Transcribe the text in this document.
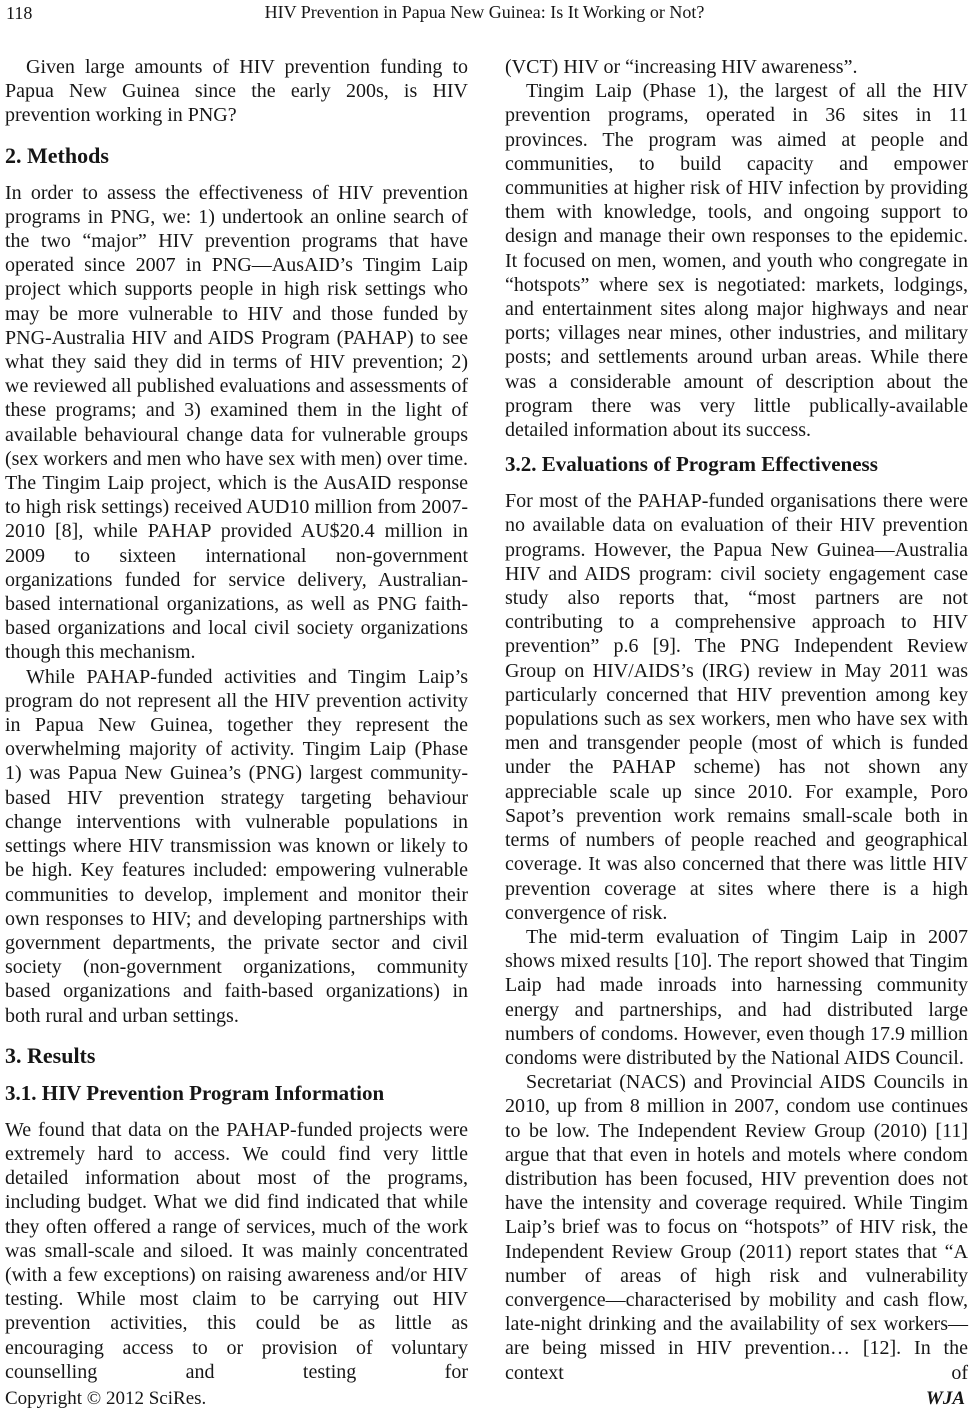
118	HIV Prevention in Papua New Guinea: Is It Working or Not?

Given large amounts of HIV prevention funding to Papua New Guinea since the early 200s, is HIV prevention working in PNG?

2. Methods

In order to assess the effectiveness of HIV prevention programs in PNG, we: 1) undertook an online search of the two “major” HIV prevention programs that have operated since 2007 in PNG—AusAID’s Tingim Laip project which supports people in high risk settings who may be more vulnerable to HIV and those funded by PNG-Australia HIV and AIDS Program (PAHAP) to see what they said they did in terms of HIV prevention; 2) we reviewed all published evaluations and assessments of these programs; and 3) examined them in the light of available behavioural change data for vulnerable groups (sex workers and men who have sex with men) over time. The Tingim Laip project, which is the AusAID response to high risk settings) received AUD10 million from 2007-2010 [8], while PAHAP provided AU$20.4 million in 2009 to sixteen international non-government organizations funded for service delivery, Australian-based international organizations, as well as PNG faith-based organizations and local civil society organizations though this mechanism.

While PAHAP-funded activities and Tingim Laip’s program do not represent all the HIV prevention activity in Papua New Guinea, together they represent the overwhelming majority of activity. Tingim Laip (Phase 1) was Papua New Guinea’s (PNG) largest community-based HIV prevention strategy targeting behaviour change interventions with vulnerable populations in settings where HIV transmission was known or likely to be high. Key features included: empowering vulnerable communities to develop, implement and monitor their own responses to HIV; and developing partnerships with government departments, the private sector and civil society (non-government organizations, community based organizations and faith-based organizations) in both rural and urban settings.

3. Results
3.1. HIV Prevention Program Information

We found that data on the PAHAP-funded projects were extremely hard to access. We could find very little detailed information about most of the programs, including budget. What we did find indicated that while they often offered a range of services, much of the work was small-scale and siloed. It was mainly concentrated (with a few exceptions) on raising awareness and/or HIV testing. While most claim to be carrying out HIV prevention activities, this could be as little as encouraging access to or provision of voluntary counselling and testing for

(VCT) HIV or “increasing HIV awareness”.

Tingim Laip (Phase 1), the largest of all the HIV prevention programs, operated in 36 sites in 11 provinces. The program was aimed at people and communities, to build capacity and empower communities at higher risk of HIV infection by providing them with knowledge, tools, and ongoing support to design and manage their own responses to the epidemic. It focused on men, women, and youth who congregate in “hotspots” where sex is negotiated: markets, lodgings, and entertainment sites along major highways and near ports; villages near mines, other industries, and military posts; and settlements around urban areas. While there was a considerable amount of description about the program there was very little publically-available detailed information about its success.

3.2. Evaluations of Program Effectiveness

For most of the PAHAP-funded organisations there were no available data on evaluation of their HIV prevention programs. However, the Papua New Guinea—Australia HIV and AIDS program: civil society engagement case study also reports that, “most partners are not contributing to a comprehensive approach to HIV prevention” p.6 [9]. The PNG Independent Review Group on HIV/AIDS’s (IRG) review in May 2011 was particularly concerned that HIV prevention among key populations such as sex workers, men who have sex with men and transgender people (most of which is funded under the PAHAP scheme) has not shown any appreciable scale up since 2010. For example, Poro Sapot’s prevention work remains small-scale both in terms of numbers of people reached and geographical coverage. It was also concerned that there was little HIV prevention coverage at sites where there is a high convergence of risk.

The mid-term evaluation of Tingim Laip in 2007 shows mixed results [10]. The report showed that Tingim Laip had made inroads into harnessing community energy and partnerships, and had distributed large numbers of condoms. However, even though 17.9 million condoms were distributed by the National AIDS Council.

Secretariat (NACS) and Provincial AIDS Councils in 2010, up from 8 million in 2007, condom use continues to be low. The Independent Review Group (2010) [11] argue that that even in hotels and motels where condom distribution has been focused, HIV prevention does not have the intensity and coverage required. While Tingim Laip’s brief was to focus on “hotspots” of HIV risk, the Independent Review Group (2011) report states that “A number of areas of high risk and vulnerability convergence—characterised by mobility and cash flow, late-night drinking and the availability of sex workers—are being missed in HIV prevention… [12]. In the context of

Copyright © 2012 SciRes.	WJA
